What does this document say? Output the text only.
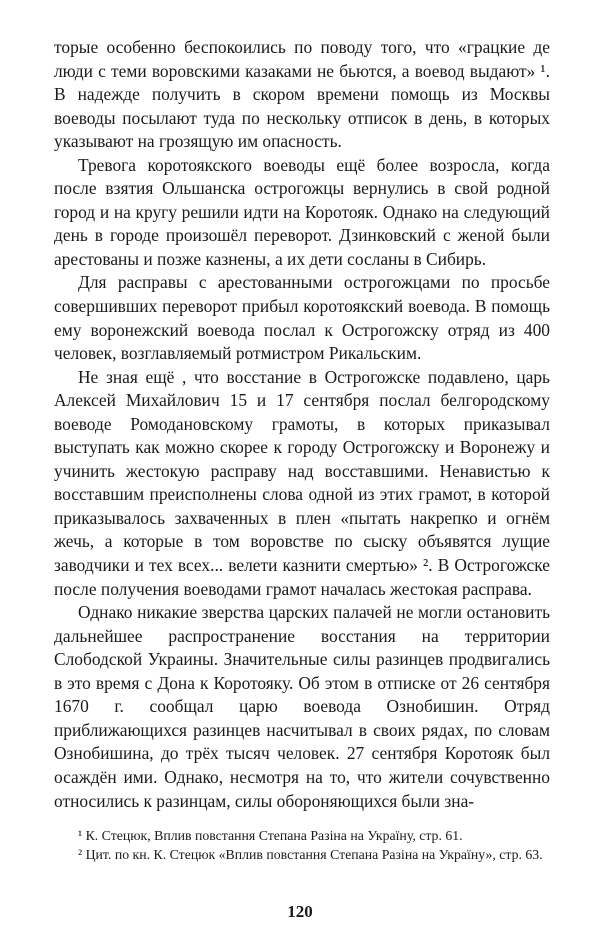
торые особенно беспокоились по поводу того, что «грацкие де люди с теми воровскими казаками не бьются, а воевод выдают» ¹. В надежде получить в скором времени помощь из Москвы воеводы посылают туда по нескольку отписок в день, в которых указывают на грозящую им опасность.

Тревога коротоякского воеводы ещё более возросла, когда после взятия Ольшанска острогожцы вернулись в свой родной город и на кругу решили идти на Коротояк. Однако на следующий день в городе произошёл переворот. Дзинковский с женой были арестованы и позже казнены, а их дети сосланы в Сибирь.

Для расправы с арестованными острогожцами по просьбе совершивших переворот прибыл коротоякский воевода. В помощь ему воронежский воевода послал к Острогожску отряд из 400 человек, возглавляемый ротмистром Рикальским.

Не зная ещё , что восстание в Острогожске подавлено, царь Алексей Михайлович 15 и 17 сентября послал белгородскому воеводе Ромодановскому грамоты, в которых приказывал выступать как можно скорее к городу Острогожску и Воронежу и учинить жестокую расправу над восставшими. Ненавистью к восставшим преисполнены слова одной из этих грамот, в которой приказывалось захваченных в плен «пытать накрепко и огнём жечь, а которые в том воровстве по сыску объявятся лущие заводчики и тех всех... велети казнити смертью» ². В Острогожске после получения воеводами грамот началась жестокая расправа.

Однако никакие зверства царских палачей не могли остановить дальнейшее распространение восстания на территории Слободской Украины. Значительные силы разинцев продвигались в это время с Дона к Коротояку. Об этом в отписке от 26 сентября 1670 г. сообщал царю воевода Ознобишин. Отряд приближающихся разинцев насчитывал в своих рядах, по словам Ознобишина, до трёх тысяч человек. 27 сентября Коротояк был осаждён ими. Однако, несмотря на то, что жители сочувственно относились к разинцам, силы обороняющихся были зна-

¹ К. Стецюк, Вплив повстання Степана Разіна на Украïну, стр. 61.

² Цит. по кн. К. Стецюк «Вплив повстання Степана Разіна на Украïну», стр. 63.

120
